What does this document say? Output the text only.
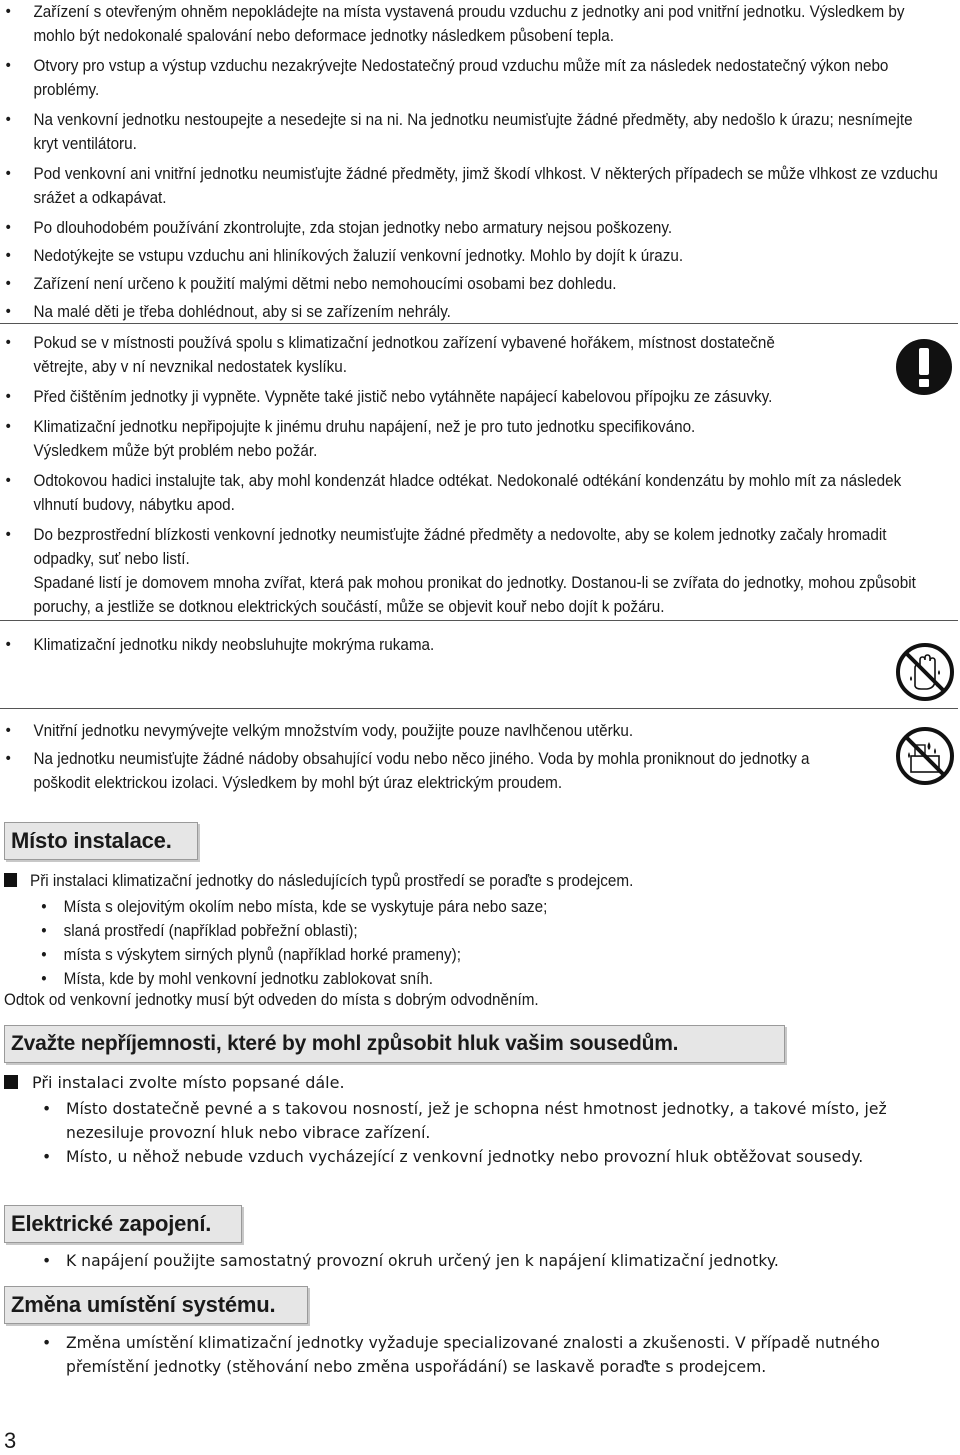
• Zařízení s otevřeným ohněm nepokládejte na místa vystavená proudu vzduchu z jednotky ani pod vnitřní jednotku. Výsledkem by mohlo být nedokonalé spalování nebo deformace jednotky následkem působení tepla.
• Otvory pro vstup a výstup vzduchu nezakrývejte Nedostatečný proud vzduchu může mít za následek nedostatečný výkon nebo problémy.
• Na venkovní jednotku nestoupejte a nesedejte si na ni. Na jednotku neumisťujte žádné předměty, aby nedošlo k úrazu; nesnímejte kryt ventilátoru.
• Pod venkovní ani vnitřní jednotku neumisťujte žádné předměty, jimž škodí vlhkost. V některých případech se může vlhkost ze vzduchu srážet a odkapávat.
• Po dlouhodobém používání zkontrolujte, zda stojan jednotky nebo armatury nejsou poškozeny.
• Nedotýkejte se vstupu vzduchu ani hliníkových žaluzií venkovní jednotky. Mohlo by dojít k úrazu.
• Zařízení není určeno k použití malými dětmi nebo nemohoucími osobami bez dohledu.
• Na malé děti je třeba dohlédnout, aby si se zařízením nehrály.
• Pokud se v místnosti používá spolu s klimatizační jednotkou zařízení vybavené hořákem, místnost dostatečně větrejte, aby v ní nevznikal nedostatek kyslíku.
• Před čištěním jednotky ji vypněte. Vypněte také jistič nebo vytáhněte napájecí kabelovou přípojku ze zásuvky.
• Klimatizační jednotku nepřipojujte k jinému druhu napájení, než je pro tuto jednotku specifikováno.
Výsledkem může být problém nebo požár.
• Odtokovou hadici instalujte tak, aby mohl kondenzát hladce odtékat. Nedokonalé odtékání kondenzátu by mohlo mít za následek vlhnutí budovy, nábytku apod.
• Do bezprostřední blízkosti venkovní jednotky neumisťujte žádné předměty a nedovolte, aby se kolem jednotky začaly hromadit odpadky, suť nebo listí.
Spadané listí je domovem mnoha zvířat, která pak mohou pronikat do jednotky. Dostanou-li se zvířata do jednotky, mohou způsobit poruchy, a jestliže se dotknou elektrických součástí, může se objevit kouř nebo dojít k požáru.
• Klimatizační jednotku nikdy neobsluhujte mokrýma rukama.
• Vnitřní jednotku nevymývejte velkým množstvím vody, použijte pouze navlhčenou utěrku.
• Na jednotku neumisťujte žádné nádoby obsahující vodu nebo něco jiného. Voda by mohla proniknout do jednotky a poškodit elektrickou izolaci. Výsledkem by mohl být úraz elektrickým proudem.
Místo instalace.
Při instalaci klimatizační jednotky do následujících typů prostředí se poraďte s prodejcem.
• Místa s olejovitým okolím nebo místa, kde se vyskytuje pára nebo saze;
• slaná prostředí (například pobřežní oblasti);
• místa s výskytem sirných plynů (například horké prameny);
• Místa, kde by mohl venkovní jednotku zablokovat sníh.
Odtok od venkovní jednotky musí být odveden do místa s dobrým odvodněním.
Zvažte nepříjemnosti, které by mohl způsobit hluk vašim sousedům.
Při instalaci zvolte místo popsané dále.
• Místo dostatečně pevné a s takovou nosností, jež je schopna nést hmotnost jednotky, a takové místo, jež nezesiluje provozní hluk nebo vibrace zařízení.
• Místo, u něhož nebude vzduch vycházející z venkovní jednotky nebo provozní hluk obtěžovat sousedy.
Elektrické zapojení.
• K napájení použijte samostatný provozní okruh určený jen k napájení klimatizační jednotky.
Změna umístění systému.
• Změna umístění klimatizační jednotky vyžaduje specializované znalosti a zkušenosti. V případě nutného přemístění jednotky (stěhování nebo změna uspořádání) se laskavě poraďte s prodejcem.
3
